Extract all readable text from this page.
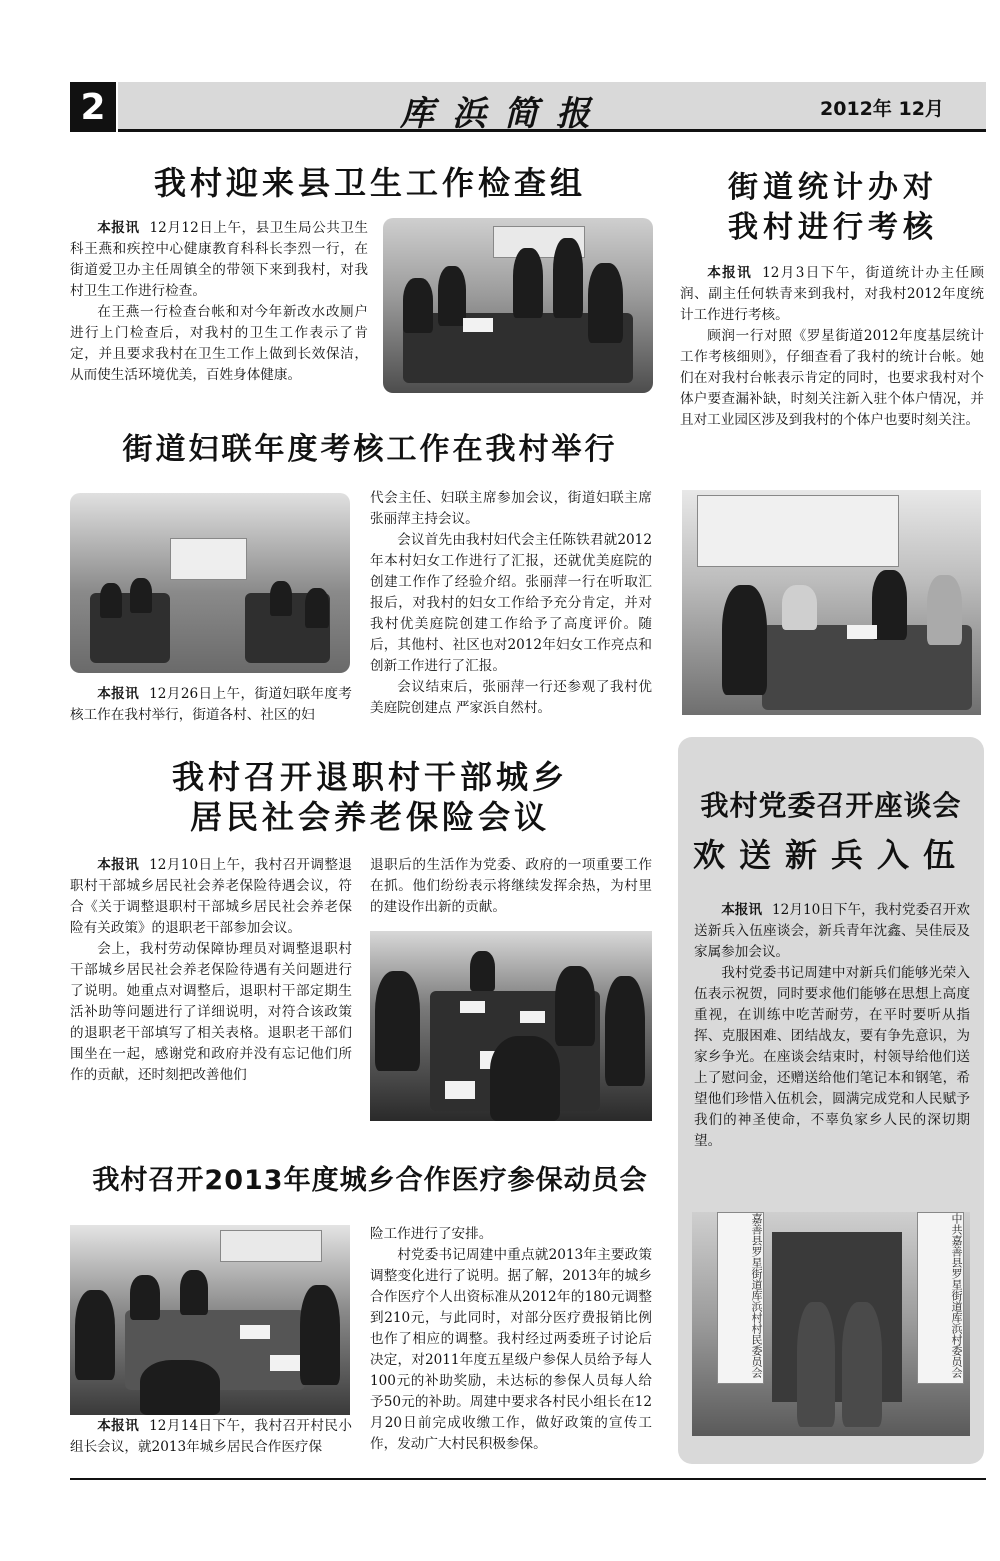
2	库浜简报	2012年 12月
我村迎来县卫生工作检查组

本报讯 12月12日上午，县卫生局公共卫生科王燕和疾控中心健康教育科科长李烈一行，在街道爱卫办主任周镇全的带领下来到我村，对我村卫生工作进行检查。

在王燕一行检查台帐和对今年新改水改厕户进行上门检查后，对我村的卫生工作表示了肯定，并且要求我村在卫生工作上做到长效保洁，从而使生活环境优美，百姓身体健康。

街道妇联年度考核工作在我村举行

本报讯 12月26日上午，街道妇联年度考核工作在我村举行，街道各村、社区的妇

代会主任、妇联主席参加会议，街道妇联主席张丽萍主持会议。

会议首先由我村妇代会主任陈铁君就2012年本村妇女工作进行了汇报，还就优美庭院的创建工作作了经验介绍。张丽萍一行在听取汇报后，对我村的妇女工作给予充分肯定，并对我村优美庭院创建工作给予了高度评价。随后，其他村、社区也对2012年妇女工作亮点和创新工作进行了汇报。

会议结束后，张丽萍一行还参观了我村优美庭院创建点 严家浜自然村。

我村召开退职村干部城乡
居民社会养老保险会议

本报讯 12月10日上午，我村召开调整退职村干部城乡居民社会养老保险待遇会议，符合《关于调整退职村干部城乡居民社会养老保险有关政策》的退职老干部参加会议。

会上，我村劳动保障协理员对调整退职村干部城乡居民社会养老保险待遇有关问题进行了说明。她重点对调整后，退职村干部定期生活补助等问题进行了详细说明，对符合该政策的退职老干部填写了相关表格。退职老干部们围坐在一起，感谢党和政府并没有忘记他们所作的贡献，还时刻把改善他们

退职后的生活作为党委、政府的一项重要工作在抓。他们纷纷表示将继续发挥余热，为村里的建设作出新的贡献。

我村召开2013年度城乡合作医疗参保动员会

本报讯 12月14日下午，我村召开村民小组长会议，就2013年城乡居民合作医疗保

险工作进行了安排。

村党委书记周建中重点就2013年主要政策调整变化进行了说明。据了解，2013年的城乡合作医疗个人出资标准从2012年的180元调整到210元，与此同时，对部分医疗费报销比例也作了相应的调整。我村经过两委班子讨论后决定，对2011年度五星级户参保人员给予每人100元的补助奖励，未达标的参保人员每人给予50元的补助。周建中要求各村民小组长在12月20日前完成收缴工作，做好政策的宣传工作，发动广大村民积极参保。

街道统计办对
我村进行考核

本报讯 12月3日下午，街道统计办主任顾润、副主任何轶青来到我村，对我村2012年度统计工作进行考核。

顾润一行对照《罗星街道2012年度基层统计工作考核细则》，仔细查看了我村的统计台帐。她们在对我村台帐表示肯定的同时，也要求我村对个体户要查漏补缺，时刻关注新入驻个体户情况，并且对工业园区涉及到我村的个体户也要时刻关注。

我村党委召开座谈会
欢送新兵入伍

本报讯 12月10日下午，我村党委召开欢送新兵入伍座谈会，新兵青年沈鑫、吴佳辰及家属参加会议。

我村党委书记周建中对新兵们能够光荣入伍表示祝贺，同时要求他们能够在思想上高度重视，在训练中吃苦耐劳，在平时要听从指挥、克服困难、团结战友，要有争先意识，为家乡争光。在座谈会结束时，村领导给他们送上了慰问金，还赠送给他们笔记本和钢笔，希望他们珍惜入伍机会，圆满完成党和人民赋予我们的神圣使命，不辜负家乡人民的深切期望。

嘉善县罗星街道库浜村村民委员会	中共嘉善县罗星街道库浜村委员会
